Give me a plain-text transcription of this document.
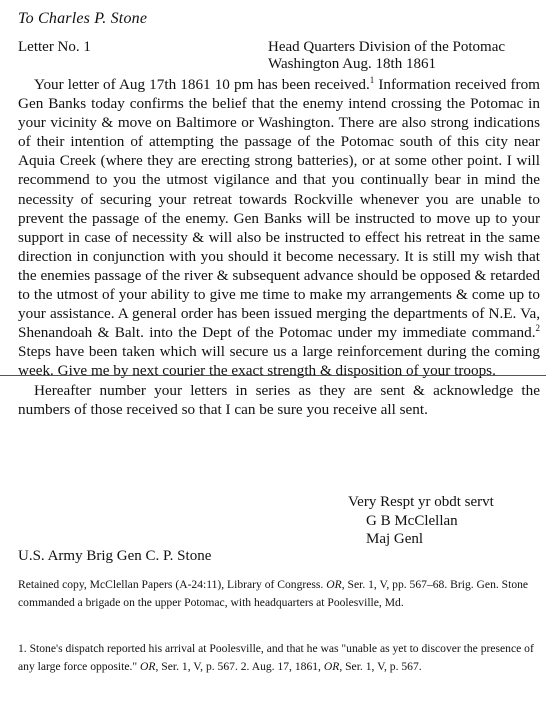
To Charles P. Stone
Letter No. 1	Head Quarters Division of the Potomac
Washington Aug. 18th 1861

Your letter of Aug 17th 1861 10 pm has been received.$^1$ Information received from Gen Banks today confirms the belief that the enemy intend crossing the Potomac in your vicinity & move on Baltimore or Washington. There are also strong indications of their intention of attempting the passage of the Potomac south of this city near Aquia Creek (where they are erecting strong batteries), or at some other point. I will recommend to you the utmost vigilance and that you continually bear in mind the necessity of securing your retreat towards Rockville whenever you are unable to prevent the passage of the enemy. Gen Banks will be instructed to move up to your support in case of necessity & will also be instructed to effect his retreat in the same direction in conjunction with you should it become necessary. It is still my wish that the enemies passage of the river & subsequent advance should be opposed & retarded to the utmost of your ability to give me time to make my arrangements & come up to your assistance. A general order has been issued merging the departments of N.E. Va, Shenandoah & Balt. into the Dept of the Potomac under my immediate command.$^2$ Steps have been taken which will secure us a large reinforcement during the coming week. Give me by next courier the exact strength & disposition of your troops.

Hereafter number your letters in series as they are sent & acknowledge the numbers of those received so that I can be sure you receive all sent.

Very Respt yr obdt servt
G B McClellan
Maj Genl
U.S. Army Brig Gen C. P. Stone
Retained copy, McClellan Papers (A-24:11), Library of Congress. OR, Ser. 1, V, pp. 567–68. Brig. Gen. Stone commanded a brigade on the upper Potomac, with headquarters at Poolesville, Md.
1. Stone's dispatch reported his arrival at Poolesville, and that he was "unable as yet to discover the presence of any large force opposite." OR, Ser. 1, V, p. 567. 2. Aug. 17, 1861, OR, Ser. 1, V, p. 567.
